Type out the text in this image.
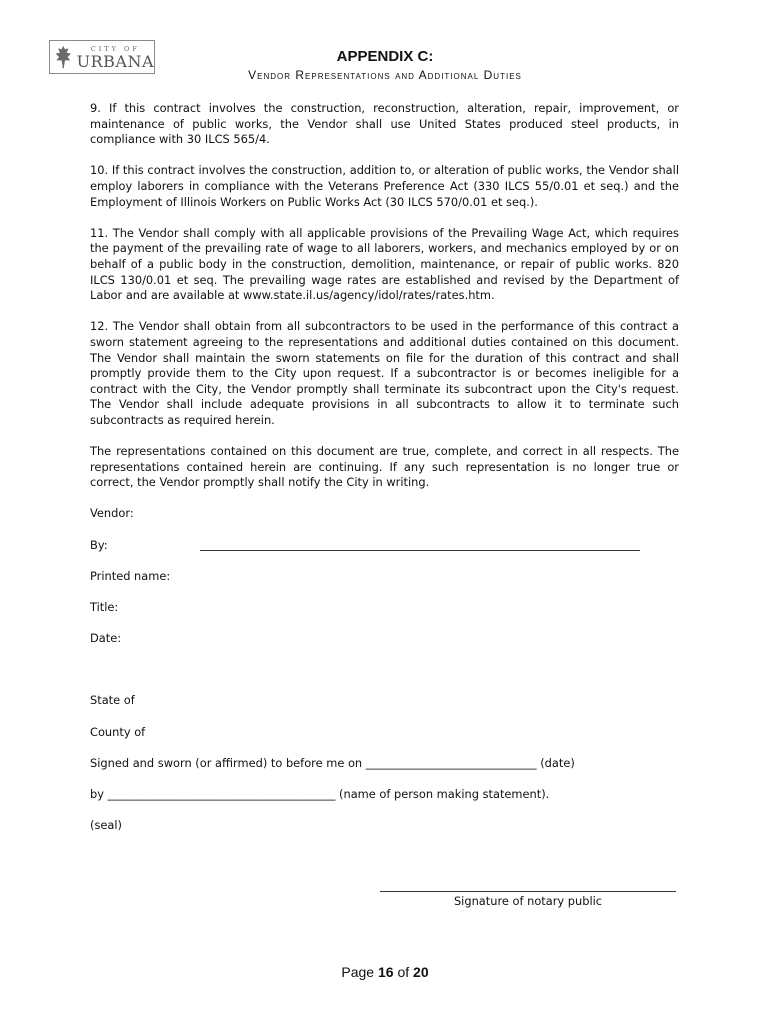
CITY OF
URBANA	APPENDIX C:
Vendor Representations and Additional Duties

9. If this contract involves the construction, reconstruction, alteration, repair, improvement, or maintenance of public works, the Vendor shall use United States produced steel products, in compliance with 30 ILCS 565/4.

10. If this contract involves the construction, addition to, or alteration of public works, the Vendor shall employ laborers in compliance with the Veterans Preference Act (330 ILCS 55/0.01 et seq.) and the Employment of Illinois Workers on Public Works Act (30 ILCS 570/0.01 et seq.).

11. The Vendor shall comply with all applicable provisions of the Prevailing Wage Act, which requires the payment of the prevailing rate of wage to all laborers, workers, and mechanics employed by or on behalf of a public body in the construction, demolition, maintenance, or repair of public works. 820 ILCS 130/0.01 et seq. The prevailing wage rates are established and revised by the Department of Labor and are available at www.state.il.us/agency/idol/rates/rates.htm.

12. The Vendor shall obtain from all subcontractors to be used in the performance of this contract a sworn statement agreeing to the representations and additional duties contained on this document. The Vendor shall maintain the sworn statements on file for the duration of this contract and shall promptly provide them to the City upon request. If a subcontractor is or becomes ineligible for a contract with the City, the Vendor promptly shall terminate its subcontract upon the City's request. The Vendor shall include adequate provisions in all subcontracts to allow it to terminate such subcontracts as required herein.

The representations contained on this document are true, complete, and correct in all respects. The representations contained herein are continuing. If any such representation is no longer true or correct, the Vendor promptly shall notify the City in writing.

Vendor:
By:
Printed name:
Title:
Date:
State of
County of
Signed and sworn (or affirmed) to before me on ______________________________ (date)
by ________________________________________ (name of person making statement).
(seal)
Signature of notary public
Page 16 of 20
